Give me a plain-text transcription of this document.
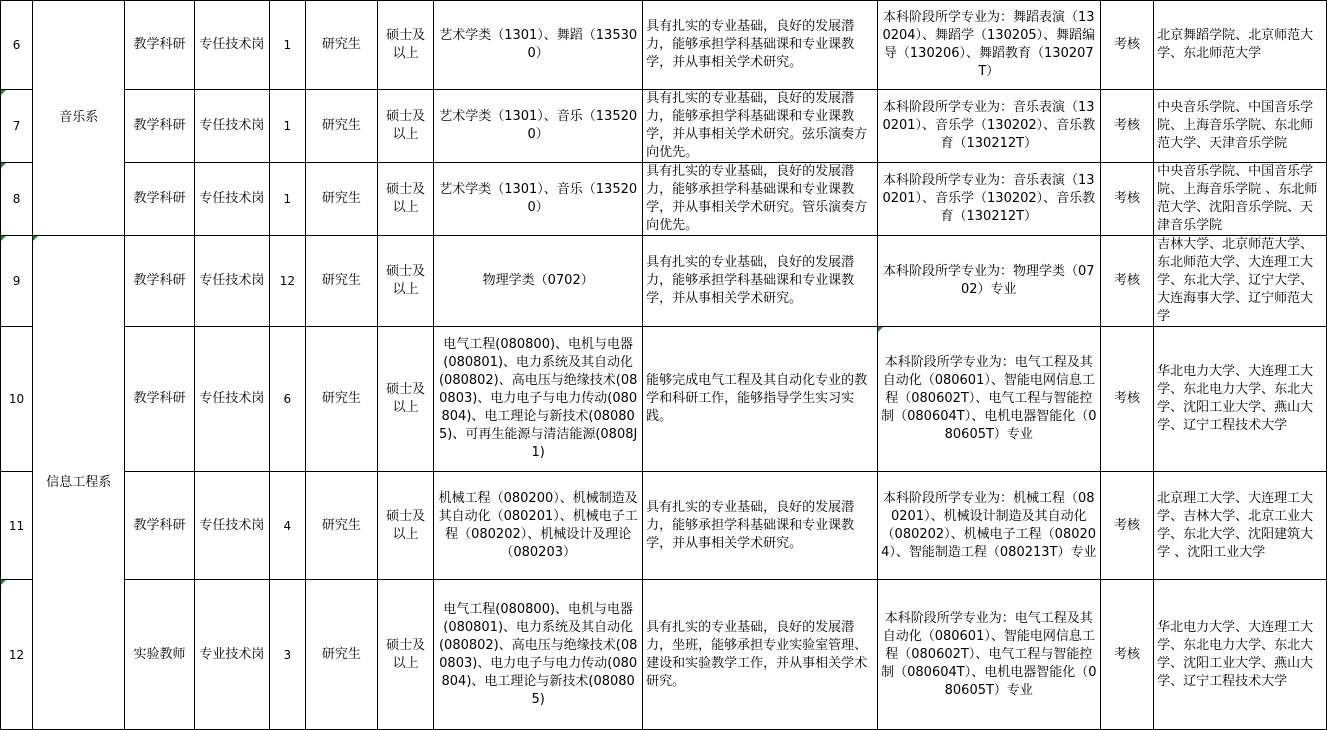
6	音乐系	教学科研	专任技术岗	1	研究生	硕士及以上	艺术学类（1301）、舞蹈（135300）	具有扎实的专业基础，良好的发展潜力，能够承担学科基础课和专业课教学，并从事相关学术研究。	本科阶段所学专业为：舞蹈表演（130204）、舞蹈学（130205）、舞蹈编导（130206）、舞蹈教育（130207T）	考核	北京舞蹈学院、北京师范大学、东北师范大学
7		教学科研	专任技术岗	1	研究生	硕士及以上	艺术学类（1301）、音乐（135200）	具有扎实的专业基础，良好的发展潜力，能够承担学科基础课和专业课教学，并从事相关学术研究。弦乐演奏方向优先。	本科阶段所学专业为：音乐表演（130201）、音乐学（130202）、音乐教育（130212T）	考核	中央音乐学院、中国音乐学院、上海音乐学院、东北师范大学、天津音乐学院
8		教学科研	专任技术岗	1	研究生	硕士及以上	艺术学类（1301）、音乐（135200）	具有扎实的专业基础，良好的发展潜力，能够承担学科基础课和专业课教学，并从事相关学术研究。管乐演奏方向优先。	本科阶段所学专业为：音乐表演（130201）、音乐学（130202）、音乐教育（130212T）	考核	中央音乐学院、中国音乐学院、上海音乐学院 、东北师范大学、沈阳音乐学院、天津音乐学院
9	信息工程系	教学科研	专任技术岗	12	研究生	硕士及以上	物理学类（0702）	具有扎实的专业基础，良好的发展潜力，能够承担学科基础课和专业课教学，并从事相关学术研究。	本科阶段所学专业为：物理学类（0702）专业	考核	吉林大学、北京师范大学、东北师范大学、大连理工大学、东北大学、辽宁大学、大连海事大学、辽宁师范大学
10		教学科研	专任技术岗	6	研究生	硕士及以上	电气工程(080800)、电机与电器(080801)、电力系统及其自动化(080802)、高电压与绝缘技术(080803)、电力电子与电力传动(080804)、电工理论与新技术(080805)、可再生能源与清洁能源(0808J1)	能够完成电气工程及其自动化专业的教学和科研工作，能够指导学生实习实践。	本科阶段所学专业为：电气工程及其自动化（080601）、智能电网信息工程（080602T）、电气工程与智能控制（080604T）、电机电器智能化（080605T）专业	考核	华北电力大学、大连理工大学、东北电力大学、东北大学、沈阳工业大学、燕山大学、辽宁工程技术大学
11		教学科研	专任技术岗	4	研究生	硕士及以上	机械工程（080200）、机械制造及其自动化（080201）、机械电子工程（080202）、机械设计及理论（080203）	具有扎实的专业基础，良好的发展潜力，能够承担学科基础课和专业课教学，并从事相关学术研究。	本科阶段所学专业为：机械工程（080201）、机械设计制造及其自动化（080202）、机械电子工程（080204）、智能制造工程（080213T）专业	考核	北京理工大学、大连理工大学、吉林大学、北京工业大学、东北大学、沈阳建筑大学 、沈阳工业大学
12		实验教师	专业技术岗	3	研究生	硕士及以上	电气工程(080800)、电机与电器(080801)、电力系统及其自动化(080802)、高电压与绝缘技术(080803)、电力电子与电力传动(080804)、电工理论与新技术(080805)	具有扎实的专业基础，良好的发展潜力，坐班，能够承担专业实验室管理、建设和实验教学工作，并从事相关学术研究。	本科阶段所学专业为：电气工程及其自动化（080601）、智能电网信息工程（080602T）、电气工程与智能控制（080604T）、电机电器智能化（080605T）专业	考核	华北电力大学、大连理工大学、东北电力大学、东北大学、沈阳工业大学、燕山大学、辽宁工程技术大学
